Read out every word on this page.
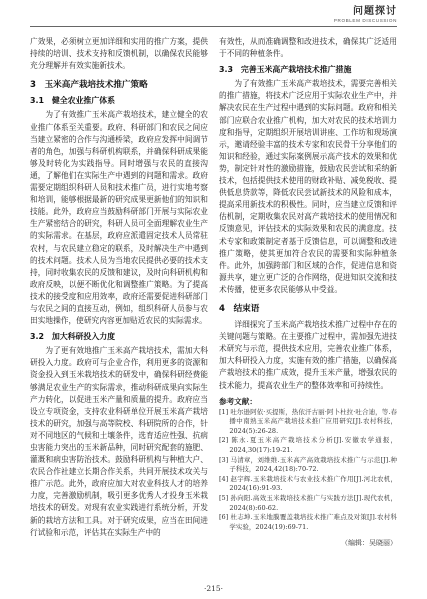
问题探讨
PROBLEM DISCUSSION

广效果，必须树立更加详细和实用的推广方案，提供持续的培训、技术支持和反馈机制，以确保农民能够充分理解并有效实施新技术。

3　玉米高产栽培技术推广策略
3.1　健全农业推广体系

为了有效推广玉米高产栽培技术，建立健全的农业推广体系至关重要。政府、科研部门和农民之间应当建立紧密的合作与沟通桥梁，政府应发挥中间调节者的角色，加强与科研机构联系，并确保科研成果能够及时转化为实践指导。同时增强与农民的直接沟通，了解他们在实际生产中遇到的问题和需求。政府需要定期组织科研人员和技术推广员，进行实地考察和培训，能够根据最新的研究成果更新他们的知识和技能。此外，政府应当鼓励科研部门开展与实际农业生产紧密结合的研究，科研人员可全面理解农业生产的实际需求。在基层，政府应派遣固定技术人员常驻农村，与农民建立稳定的联系，及时解决生产中遇到的技术问题。技术人员为当地农民提供必要的技术支持，同时收集农民的反馈和建议，及时向科研机构和政府反映，以便不断优化和调整推广策略。为了提高技术的接受度和应用效率，政府还需要促进科研部门与农民之间的直接互动，例如，组织科研人员参与农田实地操作，使研究内容更加贴近农民的实际需求。

3.2　加大科研投入力度

为了更有效地推广玉米高产栽培技术，需加大科研投入力度。政府可与企业合作，利用更多的资源和资金投入到玉米栽培技术的研发中，确保科研经费能够满足农业生产的实际需求，推动科研成果向实际生产力转化，以促进玉米产量和质量的提升。政府应当设立专项资金，支持农业科研单位开展玉米高产栽培技术的研究，加强与高等院校、科研院所的合作，针对不同地区的气候和土壤条件，选育适应性强、抗病虫害能力突出的玉米新品种，同时研究配套的施肥、灌溉和病虫害防治技术。鼓励科研机构与种植大户、农民合作社建立长期合作关系，共同开展技术攻关与推广示范。此外，政府应加大对农业科技人才的培养力度，完善激励机制，吸引更多优秀人才投身玉米栽培技术的研发。对现有农业实践进行系统分析，开发新的栽培方法和工具。对于研究成果，应当在田间进行试验和示范，评估其在实际生产中的

有效性，从而准确调整和改进技术，确保其广泛适用于不同的种植条件。

3.3　完善玉米高产栽培技术推广措施

为了有效推广玉米高产栽培技术，需要完善相关的推广措施，将技术广泛应用于实际农业生产中，并解决农民在生产过程中遇到的实际问题。政府和相关部门应联合农业推广机构，加大对农民的技术培训力度和指导，定期组织开展培训讲座、工作坊和现场演示，邀请经验丰富的技术专家和农民骨干分享他们的知识和经验，通过实际案例展示高产技术的效果和优势，制定针对性的激励措施，鼓励农民尝试和采纳新技术，包括提供技术使用的财政补贴、减免税收、提供低息贷款等，降低农民尝试新技术的风险和成本，提高采用新技术的积极性。同时，应当建立反馈和评估机制，定期收集农民对高产栽培技术的使用情况和反馈意见，评估技术的实际效果和农民的满意度。技术专家和政策制定者基于反馈信息，可以调整和改进推广策略，使其更加符合农民的需要和实际种植条件。此外，加强跨部门和区域的合作，促进信息和资源共享，建立更广泛的合作网络，促进知识交流和技术传播，使更多农民能够从中受益。

4　结束语

详细探究了玉米高产栽培技术推广过程中存在的关键问题与策略。在主要推广过程中，需加强先进技术研究与示范，提供技术应用，完善农业推广体系，加大科研投入力度，实施有效的推广措施，以确保高产栽培技术的推广成效，提升玉米产量，增强农民的技术能力，提高农业生产的整体效率和可持续性。

参考文献：
[1] 吐尔逊阿依·买提斯，热依汗古丽·阿卜杜拉·吐合迪，等.春播中南熟玉米高产栽培技术推广应用研究[J].农村科技，2024(5):26-28.
[2] 陈永.夏玉米高产栽培技术分析[J].安徽农学通报，2024,30(17):19-21.
[3] 马清章，刘维维.玉米高产高效栽培技术推广与示范[J].种子科技，2024,42(18):70-72.
[4] 赵宇辉.玉米栽培技术与农业技术推广作用[J].河北农机，2024(16):91-93.
[5] 孙向阳.高效玉米栽培技术推广与实践方法[J].现代农机，2024(8):60-62.
[6] 杜志坤.玉米地膜覆盖栽培技术推广难点及对策[J].农村科学实验，2024(19):69-71.
（编辑：吴晓丽）
·215·
